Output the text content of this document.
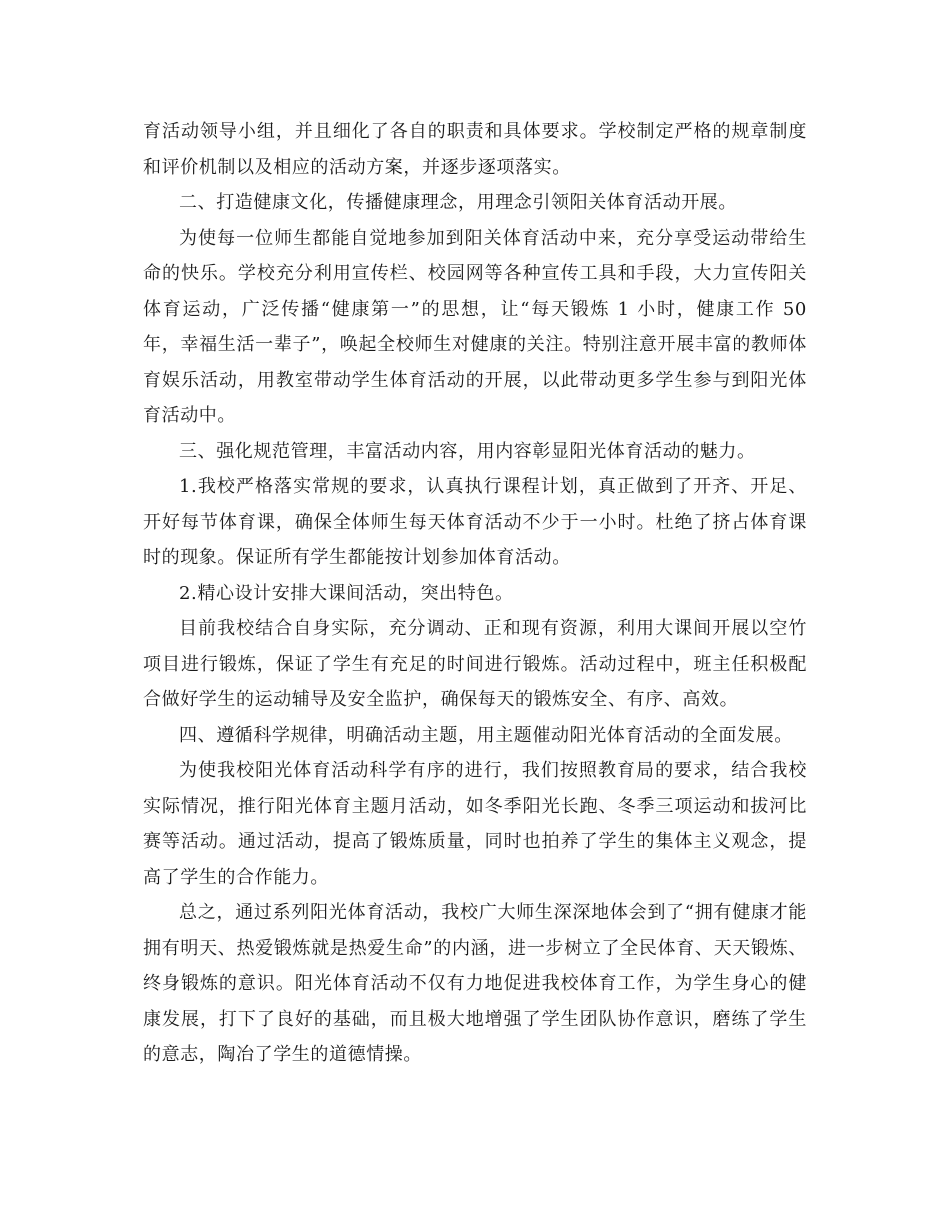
育活动领导小组，并且细化了各自的职责和具体要求。学校制定严格的规章制度和评价机制以及相应的活动方案，并逐步逐项落实。

二、打造健康文化，传播健康理念，用理念引领阳关体育活动开展。

为使每一位师生都能自觉地参加到阳关体育活动中来，充分享受运动带给生命的快乐。学校充分利用宣传栏、校园网等各种宣传工具和手段，大力宣传阳关体育运动，广泛传播“健康第一”的思想，让“每天锻炼 1 小时，健康工作 50 年，幸福生活一辈子”，唤起全校师生对健康的关注。特别注意开展丰富的教师体育娱乐活动，用教室带动学生体育活动的开展，以此带动更多学生参与到阳光体育活动中。

三、强化规范管理，丰富活动内容，用内容彰显阳光体育活动的魅力。

1.我校严格落实常规的要求，认真执行课程计划，真正做到了开齐、开足、开好每节体育课，确保全体师生每天体育活动不少于一小时。杜绝了挤占体育课时的现象。保证所有学生都能按计划参加体育活动。

2.精心设计安排大课间活动，突出特色。

目前我校结合自身实际，充分调动、正和现有资源，利用大课间开展以空竹项目进行锻炼，保证了学生有充足的时间进行锻炼。活动过程中，班主任积极配合做好学生的运动辅导及安全监护，确保每天的锻炼安全、有序、高效。

四、遵循科学规律，明确活动主题，用主题催动阳光体育活动的全面发展。

为使我校阳光体育活动科学有序的进行，我们按照教育局的要求，结合我校实际情况，推行阳光体育主题月活动，如冬季阳光长跑、冬季三项运动和拔河比赛等活动。通过活动，提高了锻炼质量，同时也拍养了学生的集体主义观念，提高了学生的合作能力。

总之，通过系列阳光体育活动，我校广大师生深深地体会到了“拥有健康才能拥有明天、热爱锻炼就是热爱生命”的内涵，进一步树立了全民体育、天天锻炼、终身锻炼的意识。阳光体育活动不仅有力地促进我校体育工作，为学生身心的健康发展，打下了良好的基础，而且极大地增强了学生团队协作意识，磨练了学生的意志，陶冶了学生的道德情操。
